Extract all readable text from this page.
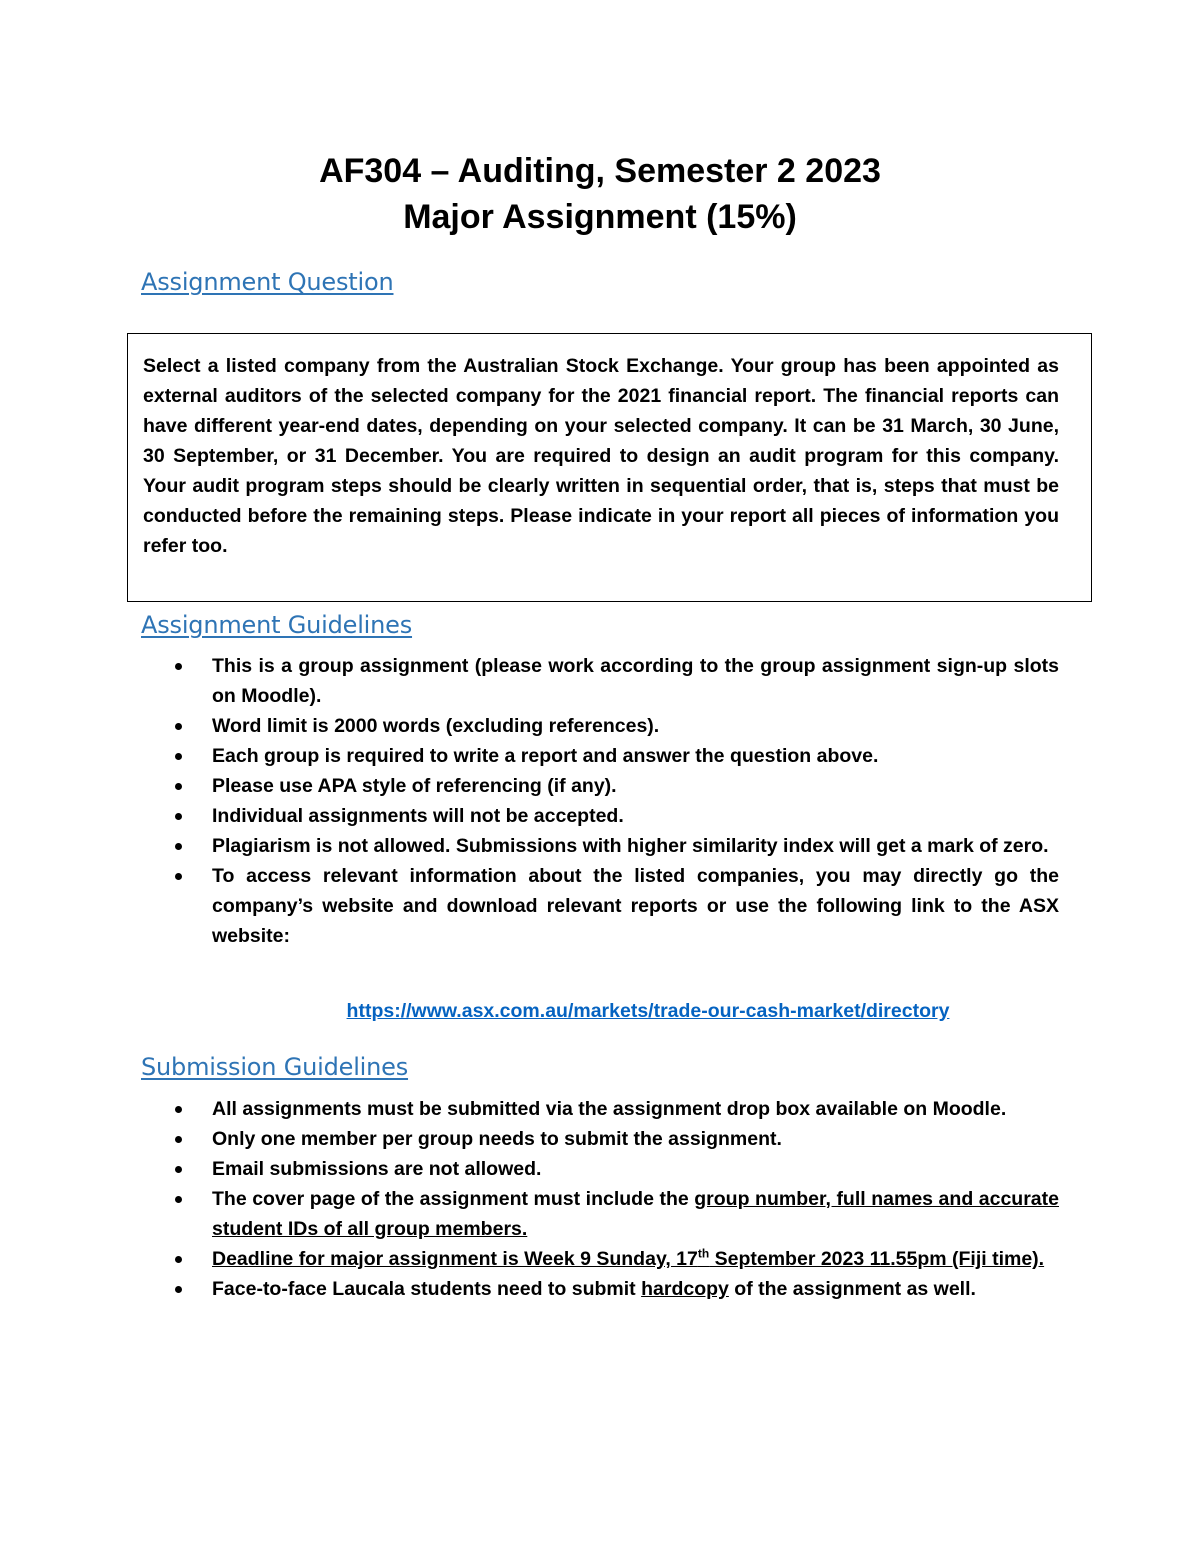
AF304 – Auditing, Semester 2 2023

Major Assignment (15%)

Assignment Question

Select a listed company from the Australian Stock Exchange. Your group has been appointed as external auditors of the selected company for the 2021 financial report. The financial reports can have different year-end dates, depending on your selected company. It can be 31 March, 30 June, 30 September, or 31 December. You are required to design an audit program for this company. Your audit program steps should be clearly written in sequential order, that is, steps that must be conducted before the remaining steps. Please indicate in your report all pieces of information you refer too.

Assignment Guidelines
This is a group assignment (please work according to the group assignment sign-up slots on Moodle).
Word limit is 2000 words (excluding references).
Each group is required to write a report and answer the question above.
Please use APA style of referencing (if any).
Individual assignments will not be accepted.
Plagiarism is not allowed. Submissions with higher similarity index will get a mark of zero.
To access relevant information about the listed companies, you may directly go the company’s website and download relevant reports or use the following link to the ASX website:

https://www.asx.com.au/markets/trade-our-cash-market/directory

Submission Guidelines
All assignments must be submitted via the assignment drop box available on Moodle.
Only one member per group needs to submit the assignment.
Email submissions are not allowed.
The cover page of the assignment must include the group number, full names and accurate student IDs of all group members.
Deadline for major assignment is Week 9 Sunday, 17th September 2023 11.55pm (Fiji time).
Face-to-face Laucala students need to submit hardcopy of the assignment as well.
